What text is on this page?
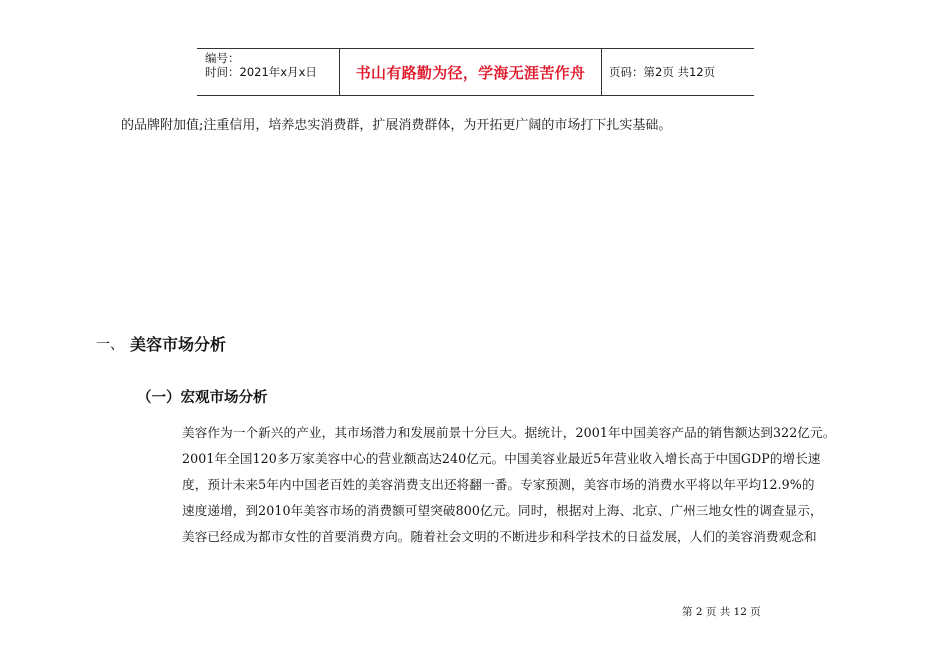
编号：
时间：2021年x月x日	书山有路勤为径，学海无涯苦作舟 页码：第2页 共12页
的品牌附加值;注重信用，培养忠实消费群，扩展消费群体，为开拓更广阔的市场打下扎实基础。
一、 美容市场分析
（一）宏观市场分析
美容作为一个新兴的产业，其市场潜力和发展前景十分巨大。据统计，2001年中国美容产品的销售额达到322亿元。
2001年全国120多万家美容中心的营业额高达240亿元。中国美容业最近5年营业收入增长高于中国GDP的增长速
度，预计未来5年内中国老百姓的美容消费支出还将翻一番。专家预测，美容市场的消费水平将以年平均12.9%的
速度递增，到2010年美容市场的消费额可望突破800亿元。同时，根据对上海、北京、广州三地女性的调查显示，
美容已经成为都市女性的首要消费方向。随着社会文明的不断进步和科学技术的日益发展，人们的美容消费观念和
第 2 页 共 12 页
